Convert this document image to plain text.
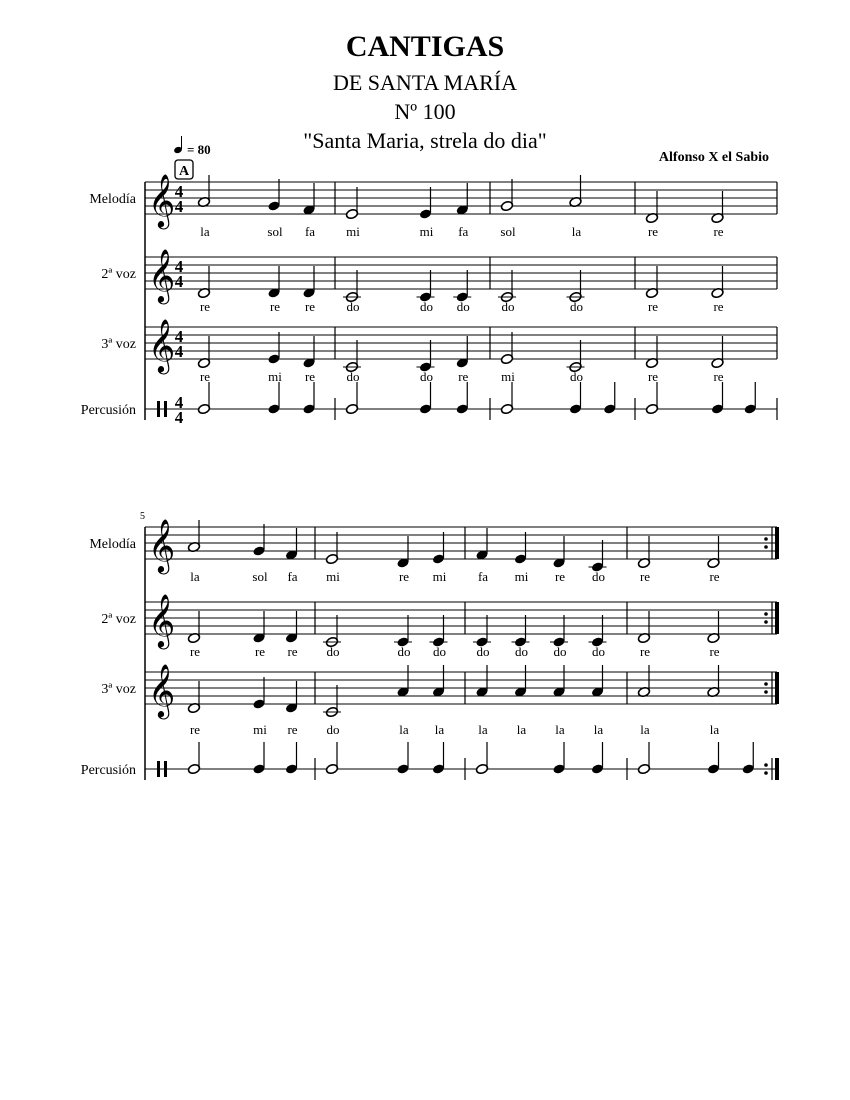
CANTIGAS
DE SANTA MARÍA
Nº 100
"Santa Maria, strela do dia"
Alfonso X el Sabio
= 80
A
Melodía 𝄞 4
4
la	sol fa mi	mi fa sol	la	re	re
2ª voz 𝄞 4
4
re	re re do	do do do	do	re	re
3ª voz 𝄞 4
4
re	mi re do	do re	mi	do	re	re
Percusión 4
4
5
Melodía 𝄞
la	sol fa mi	re mi fa mi re do	re	re
2ª voz 𝄞
re	re re do	do do do do do do	re	re
3ª voz 𝄞
re	mi re do	la la	la la la la	la	la
Percusión
